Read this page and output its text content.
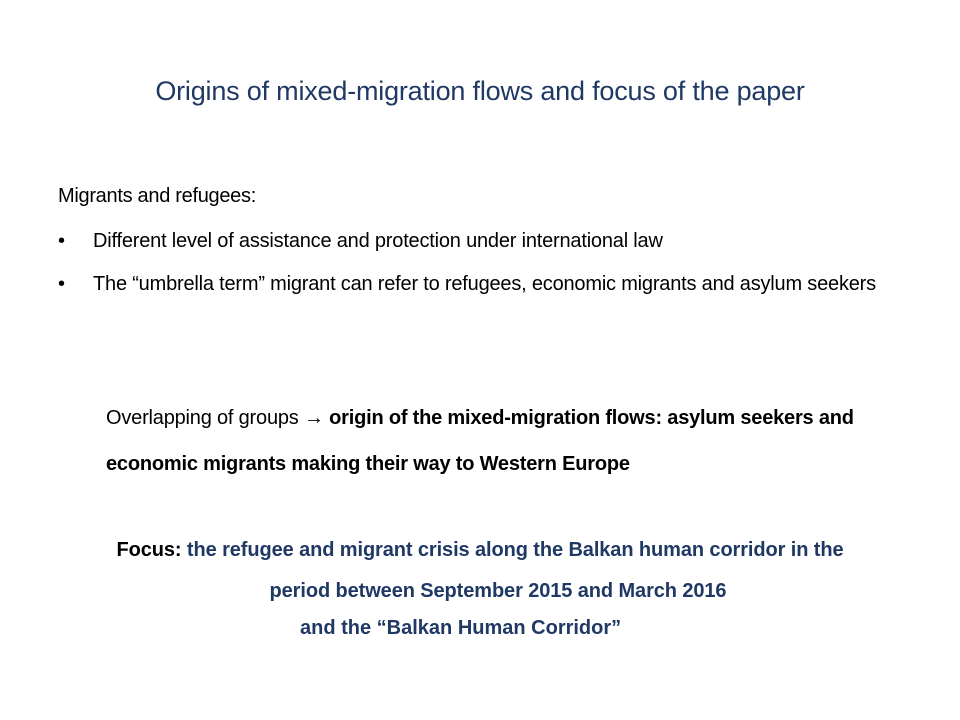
Origins of mixed-migration flows and focus of the paper
Migrants and refugees:
• Different level of assistance and protection under international law
• The “umbrella term” migrant can refer to refugees, economic migrants and asylum seekers
Overlapping of groups → origin of the mixed-migration flows: asylum seekers and economic migrants making their way to Western Europe
Focus: the refugee and migrant crisis along the Balkan human corridor in the
period between September 2015 and March 2016
and the “Balkan Human Corridor”
